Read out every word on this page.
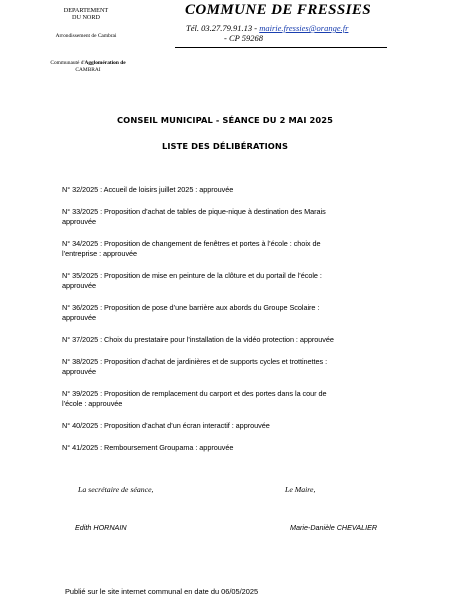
DEPARTEMENT
DU NORD
Arrondissement de Cambrai
Communauté d'Agglomération de
CAMBRAI
COMMUNE DE FRESSIES
Tél. 03.27.79.91.13 - mairie.fressies@orange.fr
- CP 59268
CONSEIL MUNICIPAL - SÉANCE DU 2 MAI 2025
LISTE DES DÉLIBÉRATIONS
N° 32/2025 : Accueil de loisirs juillet 2025 : approuvée
N° 33/2025 : Proposition d’achat de tables de pique-nique à destination des Marais
approuvée
N° 34/2025 : Proposition de changement de fenêtres et portes à l’école : choix de
l’entreprise : approuvée
N° 35/2025 : Proposition de mise en peinture de la clôture et du portail de l’école :
approuvée
N° 36/2025 : Proposition de pose d’une barrière aux abords du Groupe Scolaire :
approuvée
N° 37/2025 : Choix du prestataire pour l’installation de la vidéo protection : approuvée
N° 38/2025 : Proposition d’achat de jardinières et de supports cycles et trottinettes :
approuvée
N° 39/2025 : Proposition de remplacement du carport et des portes dans la cour de
l’école : approuvée
N° 40/2025 : Proposition d’achat d’un écran interactif : approuvée
N° 41/2025 : Remboursement Groupama : approuvée
La secrétaire de séance,	Le Maire,
Edith HORNAIN	Marie-Danièle CHEVALIER
Publié sur le site internet communal en date du 06/05/2025
